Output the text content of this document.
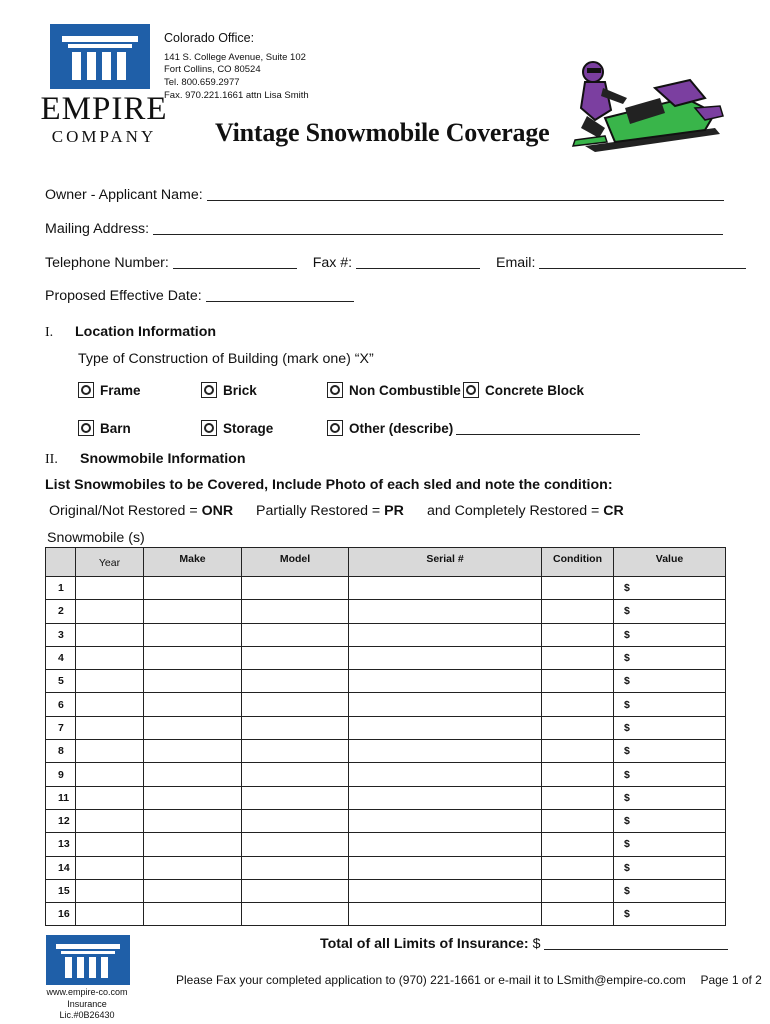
EMPIRE
COMPANY
Colorado Office:
141 S. College Avenue, Suite 102
Fort Collins, CO 80524
Tel. 800.659.2977
Fax. 970.221.1661 attn Lisa Smith
Vintage Snowmobile Coverage
Owner - Applicant Name:
Mailing Address:
Telephone Number:	Fax #:	Email:
Proposed Effective Date:
I. Location Information
Type of Construction of Building (mark one) “X”
Frame	Brick	Non Combustible Concrete Block
Barn	Storage	Other (describe)
II. Snowmobile Information
List Snowmobiles to be Covered, Include Photo of each sled and note the condition:
Original/Not Restored = ONR Partially Restored = PR and Completely Restored = CR
Snowmobile (s)
	Year	Make	Model	Serial #	Condition	Value
1						$
2						$
3						$
4						$
5						$
6						$
7						$
8						$
9						$
11						$
12						$
13						$
14						$
15						$
16						$
www.empire-co.com
Insurance Lic.#0B26430
Total of all Limits of Insurance: $
Please Fax your completed application to (970) 221-1661 or e-mail it to LSmith@empire-co.com Page 1 of 2
